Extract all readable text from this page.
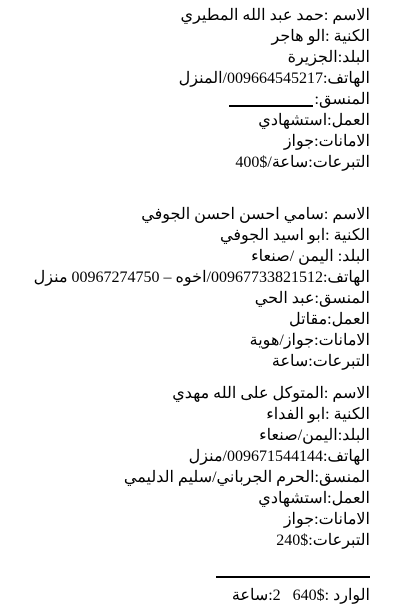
الاسم :حمد عبد الله المطيري
الكنية :الو هاجر
البلد:الجزيرة
الهاتف:009664545217/المنزل
المنسق:
العمل:استشهادي
الامانات:جواز
التبرعات:ساعة/$400
الاسم :سامي احسن احسن الجوفي
الكنية :ابو اسيد الجوفي
البلد: اليمن /صنعاء
الهاتف:00967733821512/اخوه – 00967274750 منزل
المنسق:عبد الحي
العمل:مقاتل
الامانات:جواز/هوية
التبرعات:ساعة
الاسم :المتوكل على الله مهدي
الكنية :ابو الفداء
البلد:اليمن/صنعاء
الهاتف:009671544144/منزل
المنسق:الحرم الجرباني/سليم الدليمي
العمل:استشهادي
الامانات:جواز
التبرعات:$240
الوارد :$6402:ساعة
